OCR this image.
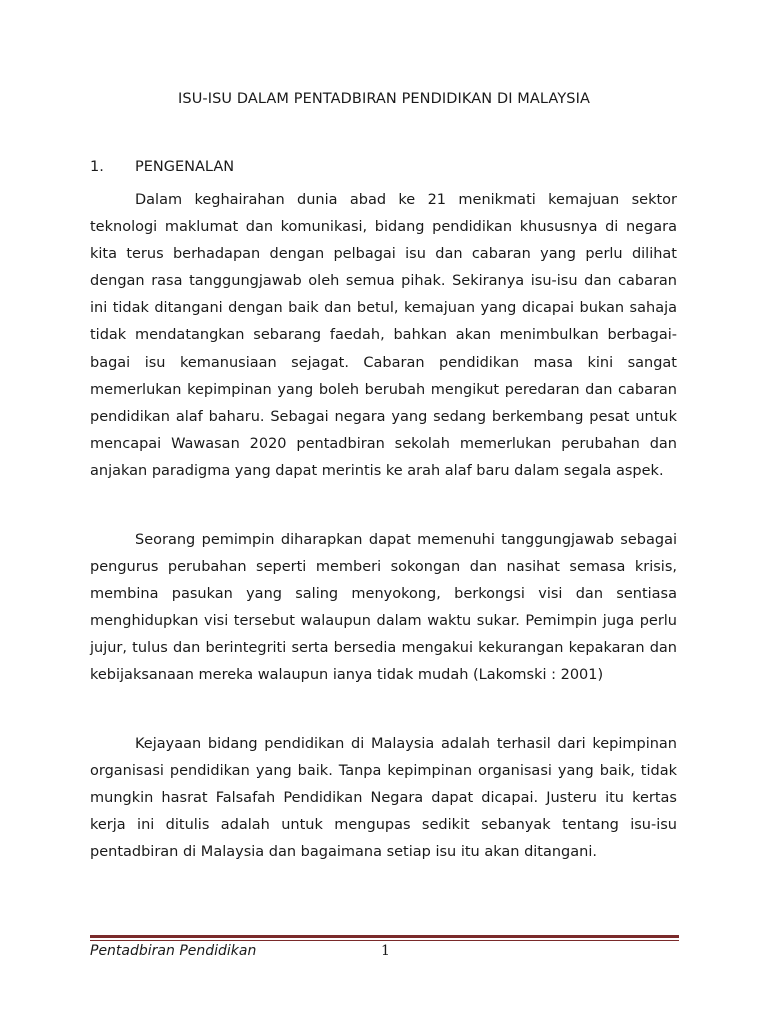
ISU-ISU DALAM PENTADBIRAN PENDIDIKAN DI MALAYSIA
1. PENGENALAN

Dalam keghairahan dunia abad ke 21 menikmati kemajuan sektor teknologi maklumat dan komunikasi, bidang pendidikan khususnya di negara kita terus berhadapan dengan pelbagai isu dan cabaran yang perlu dilihat dengan rasa tanggungjawab oleh semua pihak. Sekiranya isu-isu dan cabaran ini tidak ditangani dengan baik dan betul, kemajuan yang dicapai bukan sahaja tidak mendatangkan sebarang faedah, bahkan akan menimbulkan berbagai-bagai isu kemanusiaan sejagat. Cabaran pendidikan masa kini sangat memerlukan kepimpinan yang boleh berubah mengikut peredaran dan cabaran pendidikan alaf baharu. Sebagai negara yang sedang berkembang pesat untuk mencapai Wawasan 2020 pentadbiran sekolah memerlukan perubahan dan anjakan paradigma yang dapat merintis ke arah alaf baru dalam segala aspek.

Seorang pemimpin diharapkan dapat memenuhi tanggungjawab sebagai pengurus perubahan seperti memberi sokongan dan nasihat semasa krisis, membina pasukan yang saling menyokong, berkongsi visi dan sentiasa menghidupkan visi tersebut walaupun dalam waktu sukar. Pemimpin juga perlu jujur, tulus dan berintegriti serta bersedia mengakui kekurangan kepakaran dan kebijaksanaan mereka walaupun ianya tidak mudah (Lakomski : 2001)

Kejayaan bidang pendidikan di Malaysia adalah terhasil dari kepimpinan organisasi pendidikan yang baik. Tanpa kepimpinan organisasi yang baik, tidak mungkin hasrat Falsafah Pendidikan Negara dapat dicapai. Justeru itu kertas kerja ini ditulis adalah untuk mengupas sedikit sebanyak tentang isu-isu pentadbiran di Malaysia dan bagaimana setiap isu itu akan ditangani.

Pentadbiran Pendidikan	1
